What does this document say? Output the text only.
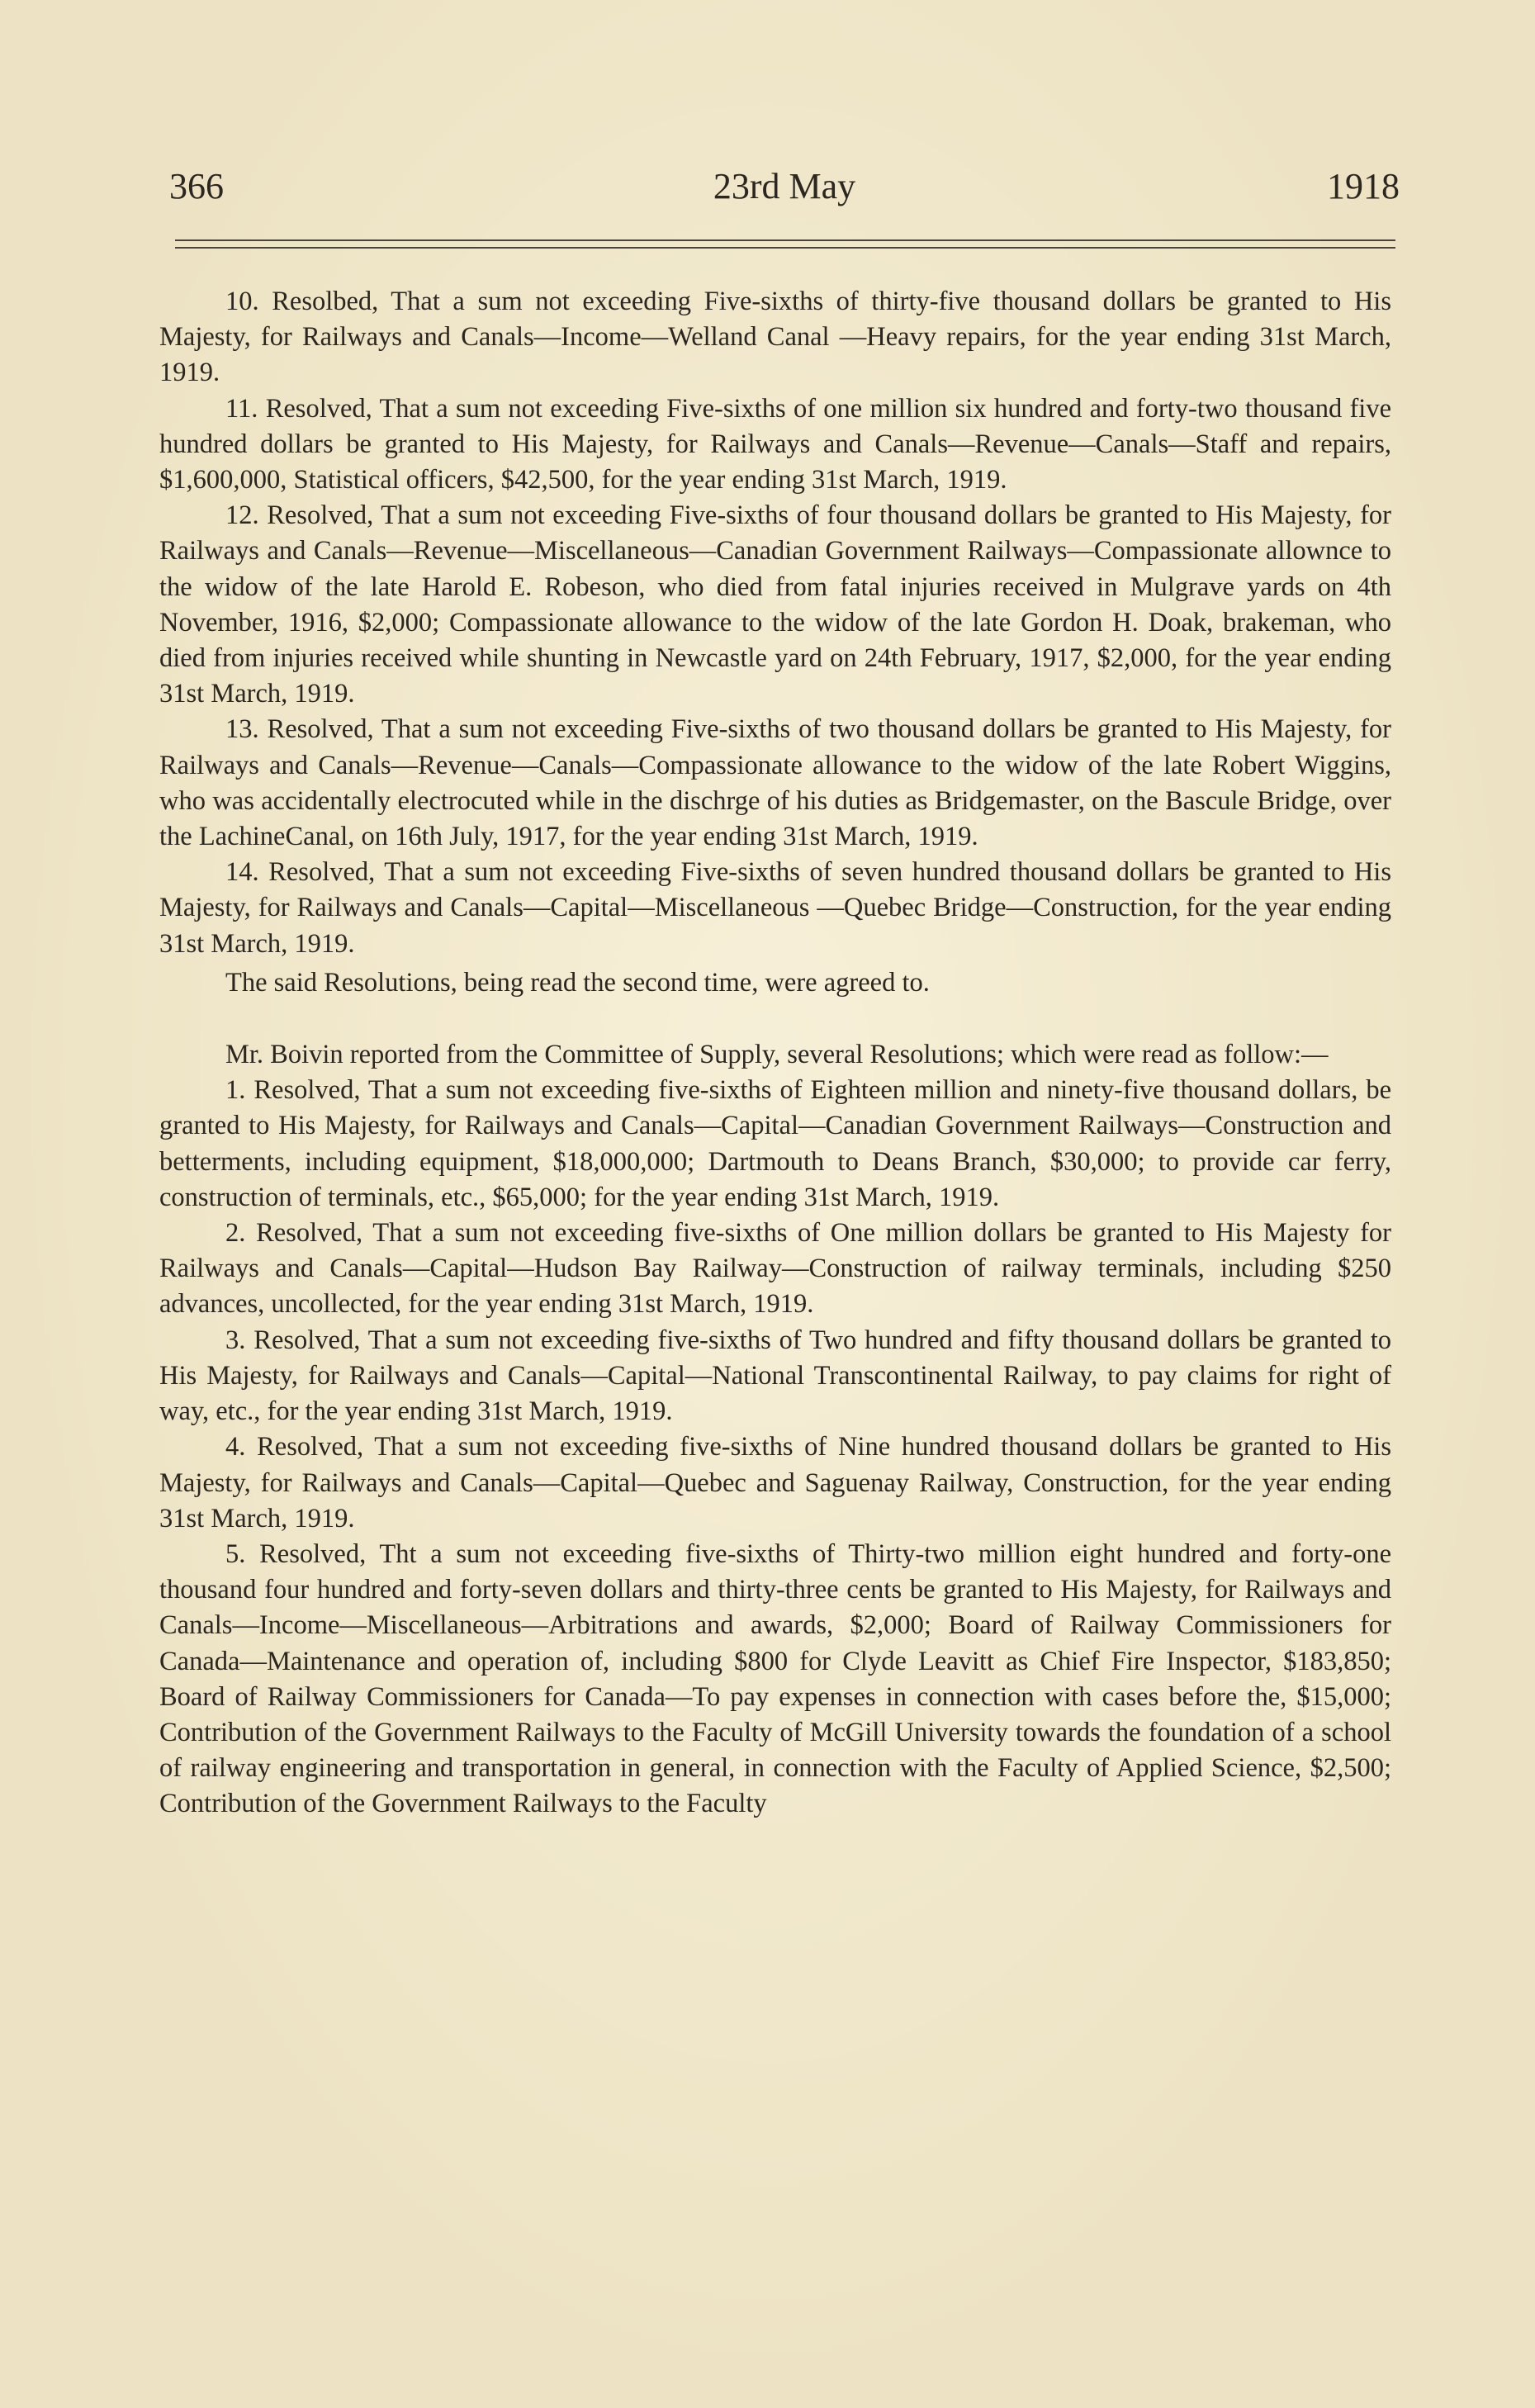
366	23rd May	1918

10. Resolbed, That a sum not exceeding Five-sixths of thirty-five thousand dollars be granted to His Majesty, for Railways and Canals—Income—Welland Canal —Heavy repairs, for the year ending 31st March, 1919.

11. Resolved, That a sum not exceeding Five-sixths of one million six hundred and forty-two thousand five hundred dollars be granted to His Majesty, for Railways and Canals—Revenue—Canals—Staff and repairs, $1,600,000, Statistical officers, $42,500, for the year ending 31st March, 1919.

12. Resolved, That a sum not exceeding Five-sixths of four thousand dollars be granted to His Majesty, for Railways and Canals—Revenue—Miscellaneous—Canadian Government Railways—Compassionate allownce to the widow of the late Harold E. Robeson, who died from fatal injuries received in Mulgrave yards on 4th November, 1916, $2,000; Compassionate allowance to the widow of the late Gordon H. Doak, brakeman, who died from injuries received while shunting in Newcastle yard on 24th February, 1917, $2,000, for the year ending 31st March, 1919.

13. Resolved, That a sum not exceeding Five-sixths of two thousand dollars be granted to His Majesty, for Railways and Canals—Revenue—Canals—Compassionate allowance to the widow of the late Robert Wiggins, who was accidentally electrocuted while in the dischrge of his duties as Bridgemaster, on the Bascule Bridge, over the LachineCanal, on 16th July, 1917, for the year ending 31st March, 1919.

14. Resolved, That a sum not exceeding Five-sixths of seven hundred thousand dollars be granted to His Majesty, for Railways and Canals—Capital—Miscellaneous —Quebec Bridge—Construction, for the year ending 31st March, 1919.

The said Resolutions, being read the second time, were agreed to.

Mr. Boivin reported from the Committee of Supply, several Resolutions; which were read as follow:—

1. Resolved, That a sum not exceeding five-sixths of Eighteen million and ninety-five thousand dollars, be granted to His Majesty, for Railways and Canals—Capital—Canadian Government Railways—Construction and betterments, including equipment, $18,000,000; Dartmouth to Deans Branch, $30,000; to provide car ferry, construction of terminals, etc., $65,000; for the year ending 31st March, 1919.

2. Resolved, That a sum not exceeding five-sixths of One million dollars be granted to His Majesty for Railways and Canals—Capital—Hudson Bay Railway—Construction of railway terminals, including $250 advances, uncollected, for the year ending 31st March, 1919.

3. Resolved, That a sum not exceeding five-sixths of Two hundred and fifty thousand dollars be granted to His Majesty, for Railways and Canals—Capital—National Transcontinental Railway, to pay claims for right of way, etc., for the year ending 31st March, 1919.

4. Resolved, That a sum not exceeding five-sixths of Nine hundred thousand dollars be granted to His Majesty, for Railways and Canals—Capital—Quebec and Saguenay Railway, Construction, for the year ending 31st March, 1919.

5. Resolved, Tht a sum not exceeding five-sixths of Thirty-two million eight hundred and forty-one thousand four hundred and forty-seven dollars and thirty-three cents be granted to His Majesty, for Railways and Canals—Income—Miscellaneous—Arbitrations and awards, $2,000; Board of Railway Commissioners for Canada—Maintenance and operation of, including $800 for Clyde Leavitt as Chief Fire Inspector, $183,850; Board of Railway Commissioners for Canada—To pay expenses in connection with cases before the, $15,000; Contribution of the Government Railways to the Faculty of McGill University towards the foundation of a school of railway engineering and transportation in general, in connection with the Faculty of Applied Science, $2,500; Contribution of the Government Railways to the Faculty
